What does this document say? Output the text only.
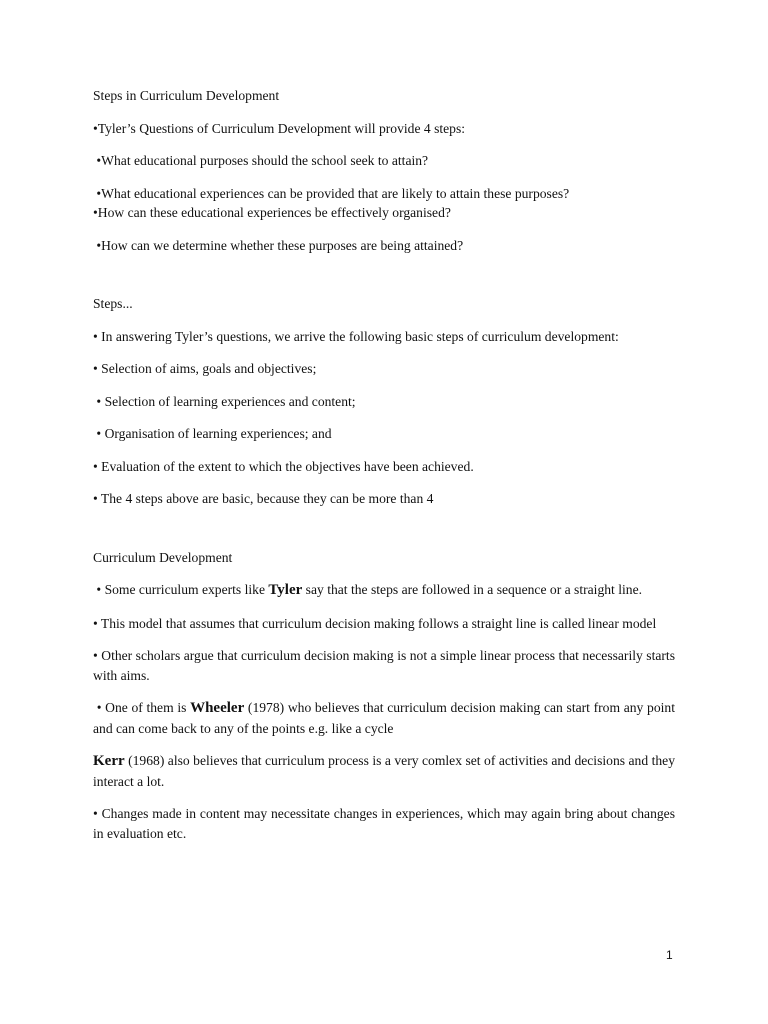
Steps in Curriculum Development

•Tyler’s Questions of Curriculum Development will provide 4 steps:

•What educational purposes should the school seek to attain?

•What educational experiences can be provided that are likely to attain these purposes?

•How can these educational experiences be effectively organised?

•How can we determine whether these purposes are being attained?

Steps...

• In answering Tyler’s questions, we arrive the following basic steps of curriculum development:

• Selection of aims, goals and objectives;

• Selection of learning experiences and content;

• Organisation of learning experiences; and

• Evaluation of the extent to which the objectives have been achieved.

• The 4 steps above are basic, because they can be more than 4

Curriculum Development

• Some curriculum experts like Tyler say that the steps are followed in a sequence or a straight line.

• This model that assumes that curriculum decision making follows a straight line is called linear model

• Other scholars argue that curriculum decision making is not a simple linear process that necessarily starts with aims.

• One of them is Wheeler (1978) who believes that curriculum decision making can start from any point and can come back to any of the points e.g. like a cycle

Kerr (1968) also believes that curriculum process is a very comlex set of activities and decisions and they interact a lot.

• Changes made in content may necessitate changes in experiences, which may again bring about changes in evaluation etc.

1
